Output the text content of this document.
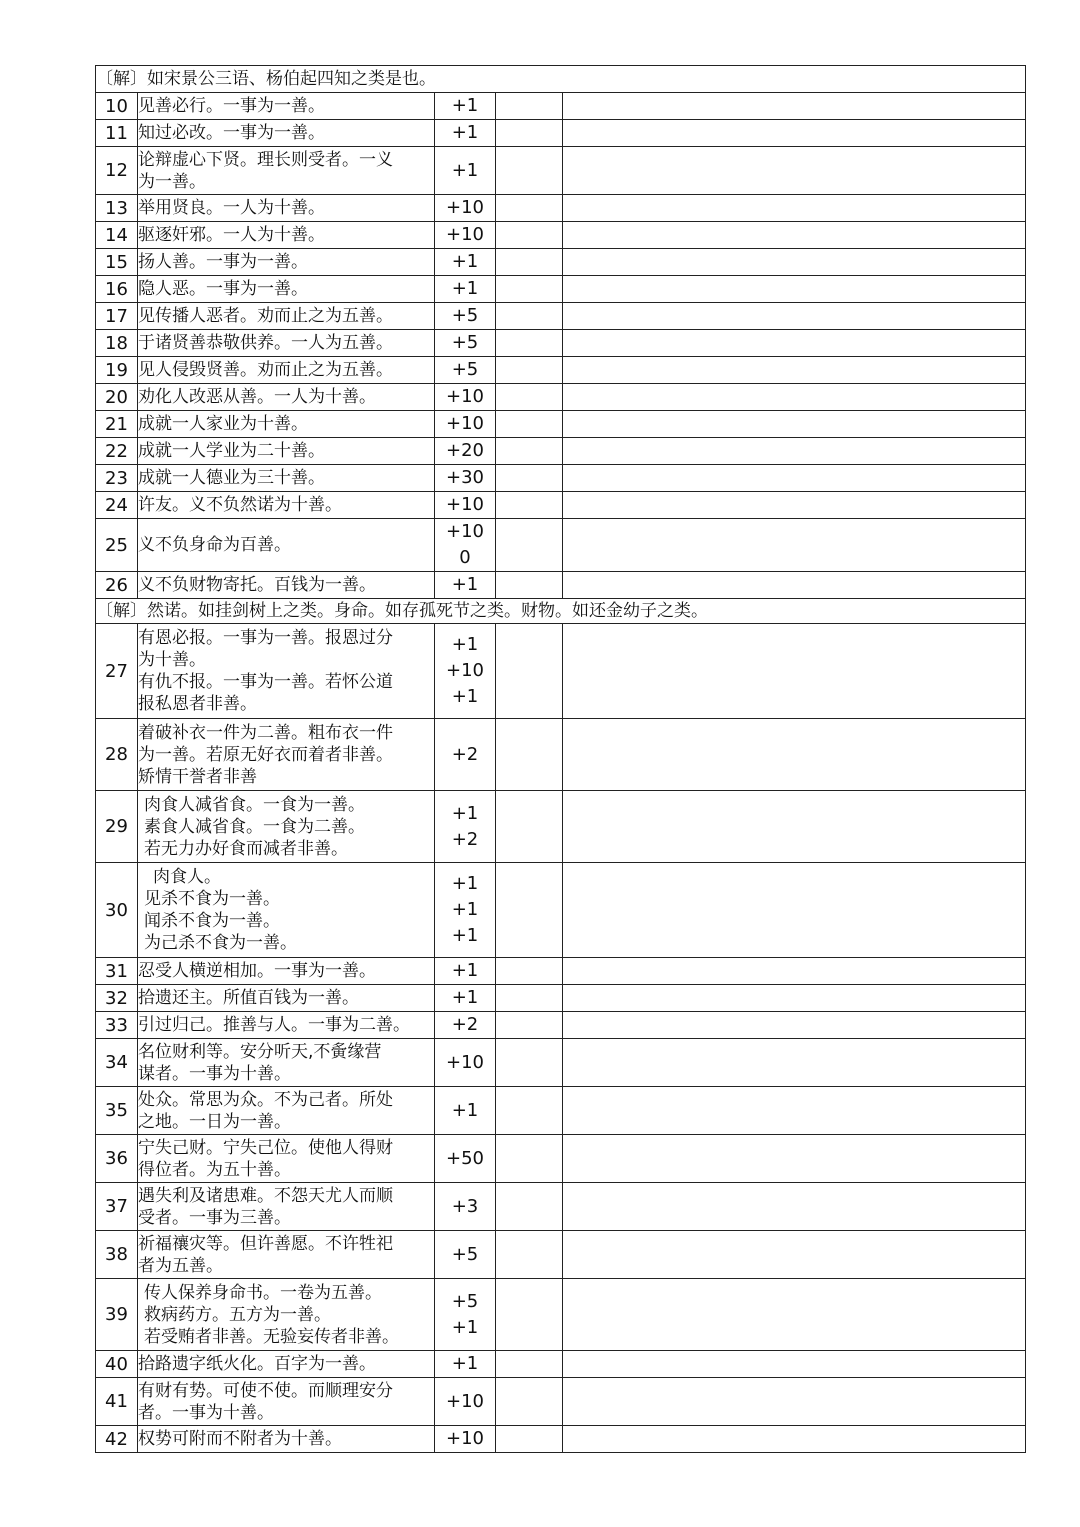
〔解〕如宋景公三语、杨伯起四知之类是也。				
10	见善必行。一事为一善。	+1		

11	知过必改。一事为一善。	+1		

12	论辩虚心下贤。理长则受者。一义
为一善。	+1		

13	举用贤良。一人为十善。	+10		

14	驱逐奸邪。一人为十善。	+10		

15	扬人善。一事为一善。	+1		

16	隐人恶。一事为一善。	+1		

17	见传播人恶者。劝而止之为五善。	+5		

18	于诸贤善恭敬供养。一人为五善。	+5		

19	见人侵毁贤善。劝而止之为五善。	+5		

20	劝化人改恶从善。一人为十善。	+10		

21	成就一人家业为十善。	+10		

22	成就一人学业为二十善。	+20		

23	成就一人德业为三十善。	+30		

24	许友。义不负然诺为十善。	+10		

25	义不负身命为百善。	+10
0		

26	义不负财物寄托。百钱为一善。	+1		

〔解〕然诺。如挂剑树上之类。身命。如存孤死节之类。财物。如还金幼子之类。				
27	有恩必报。一事为一善。报恩过分
为十善。
有仇不报。一事为一善。若怀公道
报私恩者非善。	+1
+10
+1		

28	着破补衣一件为二善。粗布衣一件
为一善。若原无好衣而着者非善。
矫情干誉者非善	+2		

29	肉食人减省食。一食为一善。
素食人减省食。一食为二善。
若无力办好食而减者非善。	+1
+2		

30	肉食人。
见杀不食为一善。
闻杀不食为一善。
为己杀不食为一善。	+1
+1
+1		

31	忍受人横逆相加。一事为一善。	+1		

32	拾遗还主。所值百钱为一善。	+1		

33	引过归己。推善与人。一事为二善。	+2		

34	名位财利等。安分听天,不夤缘营
谋者。一事为十善。	+10		

35	处众。常思为众。不为己者。所处
之地。一日为一善。	+1		

36	宁失己财。宁失己位。使他人得财
得位者。为五十善。	+50		

37	遇失利及诸患难。不怨天尤人而顺
受者。一事为三善。	+3		

38	祈福禳灾等。但许善愿。不许牲祀
者为五善。	+5		

39	传人保养身命书。一卷为五善。
救病药方。五方为一善。
若受贿者非善。无验妄传者非善。	+5
+1		

40	拾路遗字纸火化。百字为一善。	+1		

41	有财有势。可使不使。而顺理安分
者。一事为十善。	+10		

42	权势可附而不附者为十善。	+10		
